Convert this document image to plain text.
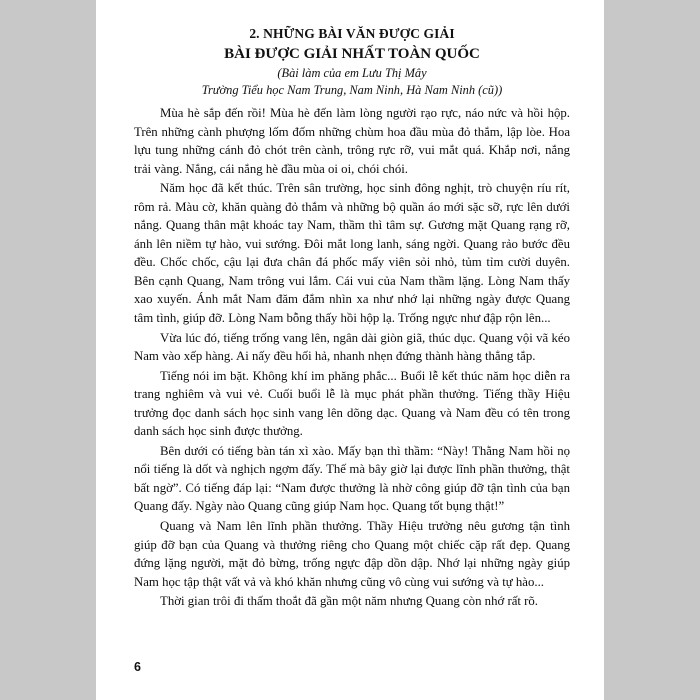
2. NHỮNG BÀI VĂN ĐƯỢC GIẢI
BÀI ĐƯỢC GIẢI NHẤT TOÀN QUỐC
(Bài làm của em Lưu Thị Mây
Trường Tiểu học Nam Trung, Nam Ninh, Hà Nam Ninh (cũ))

Mùa hè sắp đến rồi! Mùa hè đến làm lòng người rạo rực, náo nức và hồi hộp. Trên những cành phượng lốm đốm những chùm hoa đầu mùa đỏ thắm, lập lòe. Hoa lựu tung những cánh đỏ chót trên cành, trông rực rỡ, vui mắt quá. Khắp nơi, nắng trải vàng. Nắng, cái nắng hè đầu mùa oi oi, chói chói.

Năm học đã kết thúc. Trên sân trường, học sinh đông nghịt, trò chuyện ríu rít, rôm rả. Màu cờ, khăn quàng đỏ thắm và những bộ quần áo mới sặc sỡ, rực lên dưới nắng. Quang thân mật khoác tay Nam, thầm thì tâm sự. Gương mặt Quang rạng rỡ, ánh lên niềm tự hào, vui sướng. Đôi mắt long lanh, sáng ngời. Quang rảo bước đều đều. Chốc chốc, cậu lại đưa chân đá phốc mấy viên sỏi nhỏ, tủm tỉm cười duyên. Bên cạnh Quang, Nam trông vui lắm. Cái vui của Nam thầm lặng. Lòng Nam thấy xao xuyến. Ánh mắt Nam đăm đắm nhìn xa như nhớ lại những ngày được Quang tâm tình, giúp đỡ. Lòng Nam bỗng thấy hồi hộp lạ. Trống ngực như đập rộn lên...

Vừa lúc đó, tiếng trống vang lên, ngân dài giòn giã, thúc dục. Quang vội vã kéo Nam vào xếp hàng. Ai nấy đều hối hả, nhanh nhẹn đứng thành hàng thẳng tắp.

Tiếng nói im bặt. Không khí im phăng phắc... Buổi lễ kết thúc năm học diễn ra trang nghiêm và vui vẻ. Cuối buổi lễ là mục phát phần thưởng. Tiếng thầy Hiệu trưởng đọc danh sách học sinh vang lên dõng dạc. Quang và Nam đều có tên trong danh sách học sinh được thưởng.

Bên dưới có tiếng bàn tán xì xào. Mấy bạn thì thầm: “Này! Thằng Nam hồi nọ nổi tiếng là dốt và nghịch ngợm đấy. Thế mà bây giờ lại được lĩnh phần thưởng, thật bất ngờ”. Có tiếng đáp lại: “Nam được thưởng là nhờ công giúp đỡ tận tình của bạn Quang đấy. Ngày nào Quang cũng giúp Nam học. Quang tốt bụng thật!”

Quang và Nam lên lĩnh phần thưởng. Thầy Hiệu trưởng nêu gương tận tình giúp đỡ bạn của Quang và thưởng riêng cho Quang một chiếc cặp rất đẹp. Quang đứng lặng người, mặt đỏ bừng, trống ngực đập dồn dập. Nhớ lại những ngày giúp Nam học tập thật vất vả và khó khăn nhưng cũng vô cùng vui sướng và tự hào...

Thời gian trôi đi thấm thoắt đã gần một năm nhưng Quang còn nhớ rất rõ.

6
